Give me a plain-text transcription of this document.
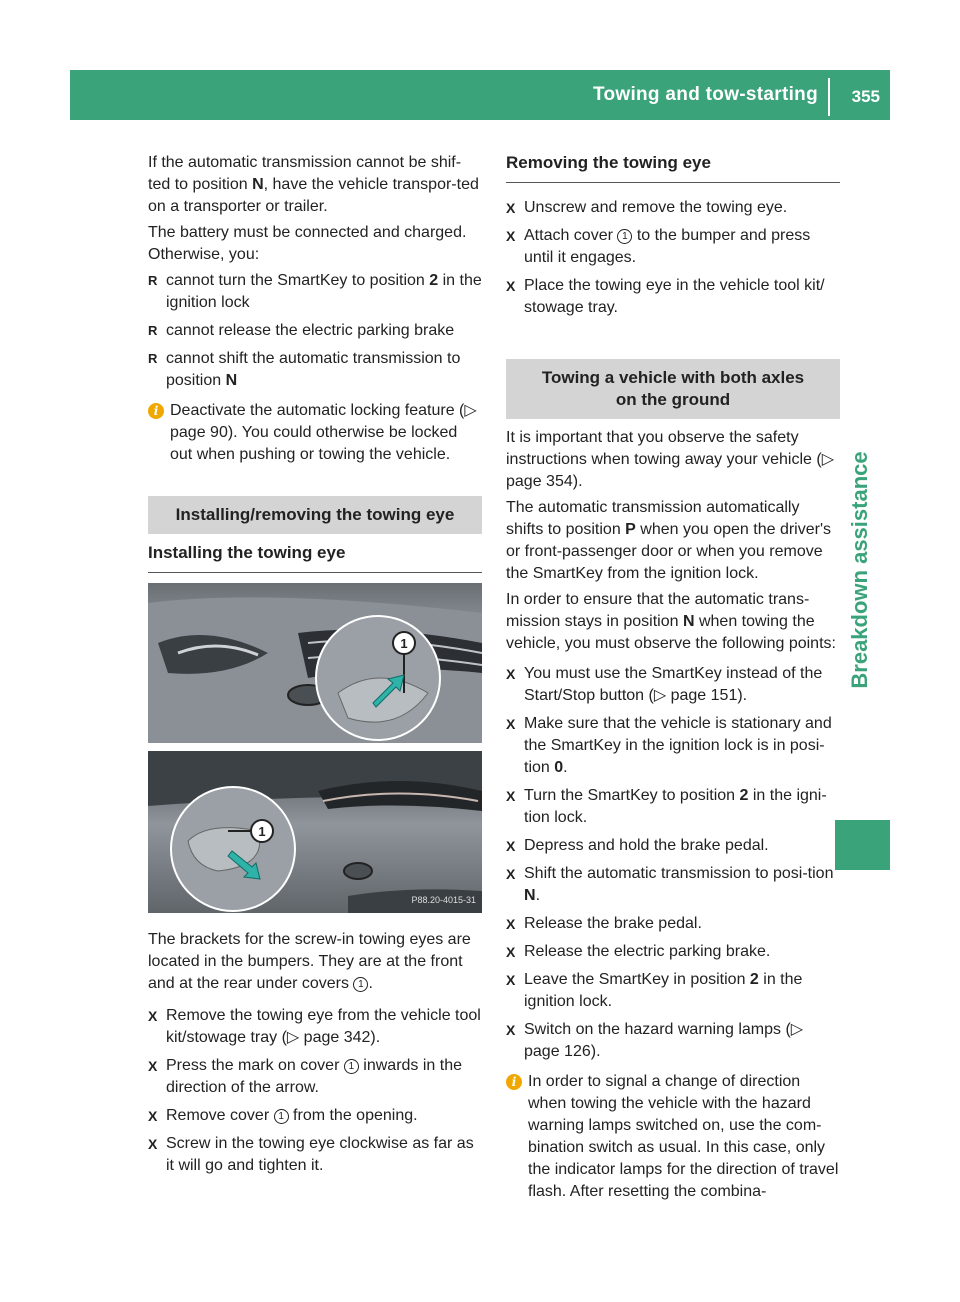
Towing and tow-starting 355
Breakdown assistance

If the automatic transmission cannot be shif-ted to position N, have the vehicle transpor-ted on a transporter or trailer.

The battery must be connected and charged. Otherwise, you:

R cannot turn the SmartKey to position 2 in the ignition lock
R cannot release the electric parking brake
R cannot shift the automatic transmission to position N
i Deactivate the automatic locking feature (▷ page 90). You could otherwise be locked out when pushing or towing the vehicle.
Installing/removing the towing eye
Installing the towing eye
1
1
P88.20-4015-31

The brackets for the screw-in towing eyes are located in the bumpers. They are at the front and at the rear under covers 1 .

X Remove the towing eye from the vehicle tool kit/stowage tray (▷ page 342).
X Press the mark on cover 1 inwards in the direction of the arrow.
X Remove cover 1 from the opening.
X Screw in the towing eye clockwise as far as it will go and tighten it.
Removing the towing eye
X Unscrew and remove the towing eye.
X Attach cover 1 to the bumper and press until it engages.
X Place the towing eye in the vehicle tool kit/ stowage tray.
Towing a vehicle with both axles on the ground

It is important that you observe the safety instructions when towing away your vehicle (▷ page 354).

The automatic transmission automatically shifts to position P when you open the driver's or front-passenger door or when you remove the SmartKey from the ignition lock.

In order to ensure that the automatic trans-mission stays in position N when towing the vehicle, you must observe the following points:

X You must use the SmartKey instead of the Start/Stop button (▷ page 151).
X Make sure that the vehicle is stationary and the SmartKey in the ignition lock is in posi-tion 0.
X Turn the SmartKey to position 2 in the igni-tion lock.
X Depress and hold the brake pedal.
X Shift the automatic transmission to posi-tion N.
X Release the brake pedal.
X Release the electric parking brake.
X Leave the SmartKey in position 2 in the ignition lock.
X Switch on the hazard warning lamps (▷ page 126).
i In order to signal a change of direction when towing the vehicle with the hazard warning lamps switched on, use the com-bination switch as usual. In this case, only the indicator lamps for the direction of travel flash. After resetting the combina-
